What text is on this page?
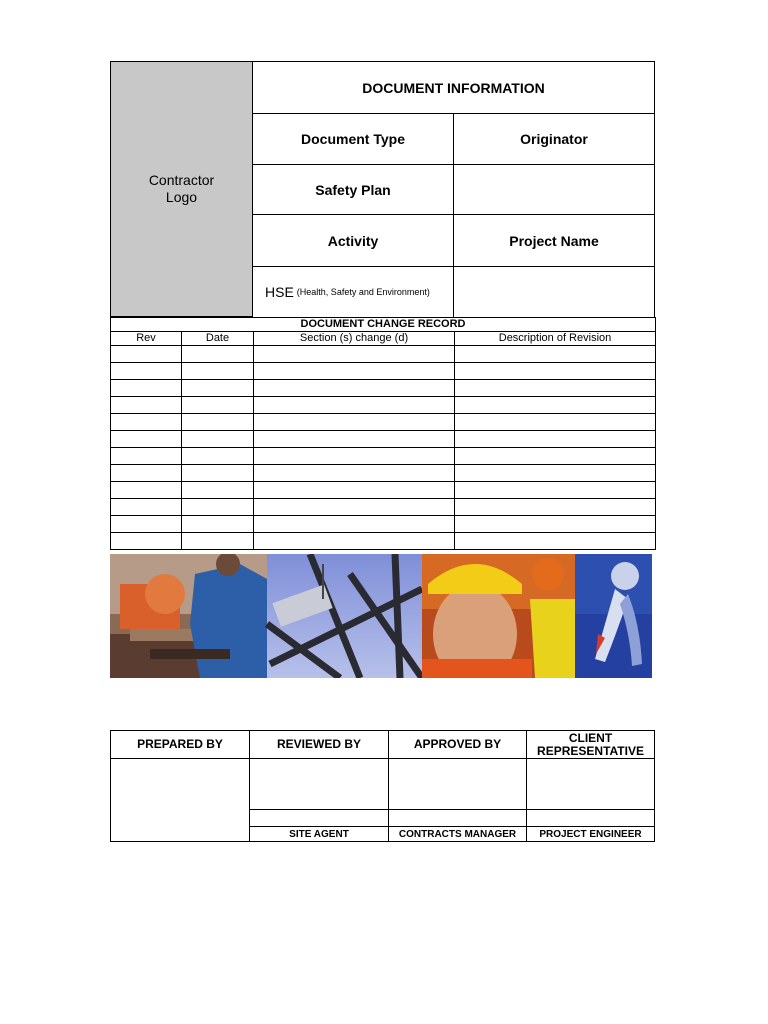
Contractor
Logo
DOCUMENT INFORMATION
Document Type	Originator
Safety Plan
Activity	Project Name
HSE (Health, Safety and Environment)
DOCUMENT CHANGE RECORD			
Rev	Date	Section (s) change (d)	Description of Revision

PREPARED BY	REVIEWED BY	APPROVED BY	CLIENT REPRESENTATIVE

	SITE AGENT	CONTRACTS MANAGER	PROJECT ENGINEER
